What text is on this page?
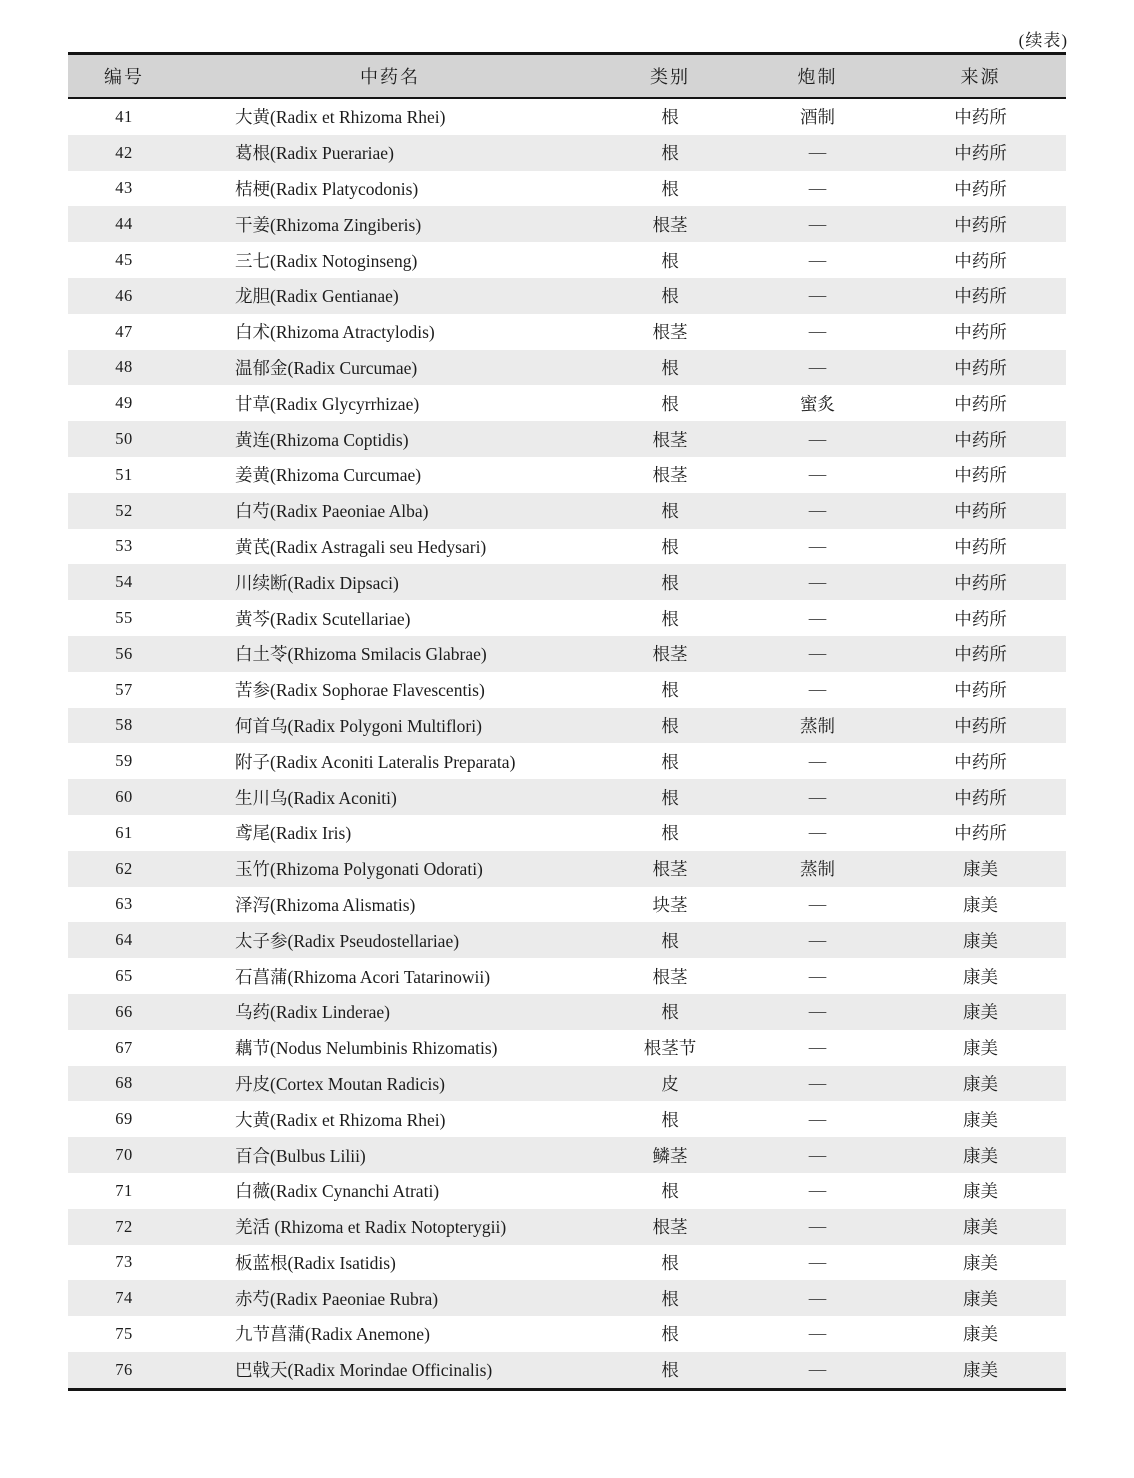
(续表)
编号	中药名	类别	炮制	来源
41	大黄(Radix et Rhizoma Rhei)	根	酒制	中药所
42	葛根(Radix Puerariae)	根	—	中药所
43	桔梗(Radix Platycodonis)	根	—	中药所
44	干姜(Rhizoma Zingiberis)	根茎	—	中药所
45	三七(Radix Notoginseng)	根	—	中药所
46	龙胆(Radix Gentianae)	根	—	中药所
47	白术(Rhizoma Atractylodis)	根茎	—	中药所
48	温郁金(Radix Curcumae)	根	—	中药所
49	甘草(Radix Glycyrrhizae)	根	蜜炙	中药所
50	黄连(Rhizoma Coptidis)	根茎	—	中药所
51	姜黄(Rhizoma Curcumae)	根茎	—	中药所
52	白芍(Radix Paeoniae Alba)	根	—	中药所
53	黄芪(Radix Astragali seu Hedysari)	根	—	中药所
54	川续断(Radix Dipsaci)	根	—	中药所
55	黄芩(Radix Scutellariae)	根	—	中药所
56	白土苓(Rhizoma Smilacis Glabrae)	根茎	—	中药所
57	苦参(Radix Sophorae Flavescentis)	根	—	中药所
58	何首乌(Radix Polygoni Multiflori)	根	蒸制	中药所
59	附子(Radix Aconiti Lateralis Preparata)	根	—	中药所
60	生川乌(Radix Aconiti)	根	—	中药所
61	鸢尾(Radix Iris)	根	—	中药所
62	玉竹(Rhizoma Polygonati Odorati)	根茎	蒸制	康美
63	泽泻(Rhizoma Alismatis)	块茎	—	康美
64	太子参(Radix Pseudostellariae)	根	—	康美
65	石菖蒲(Rhizoma Acori Tatarinowii)	根茎	—	康美
66	乌药(Radix Linderae)	根	—	康美
67	藕节(Nodus Nelumbinis Rhizomatis)	根茎节	—	康美
68	丹皮(Cortex Moutan Radicis)	皮	—	康美
69	大黄(Radix et Rhizoma Rhei)	根	—	康美
70	百合(Bulbus Lilii)	鳞茎	—	康美
71	白薇(Radix Cynanchi Atrati)	根	—	康美
72	羌活 (Rhizoma et Radix Notopterygii)	根茎	—	康美
73	板蓝根(Radix Isatidis)	根	—	康美
74	赤芍(Radix Paeoniae Rubra)	根	—	康美
75	九节菖蒲(Radix Anemone)	根	—	康美
76	巴戟天(Radix Morindae Officinalis)	根	—	康美
